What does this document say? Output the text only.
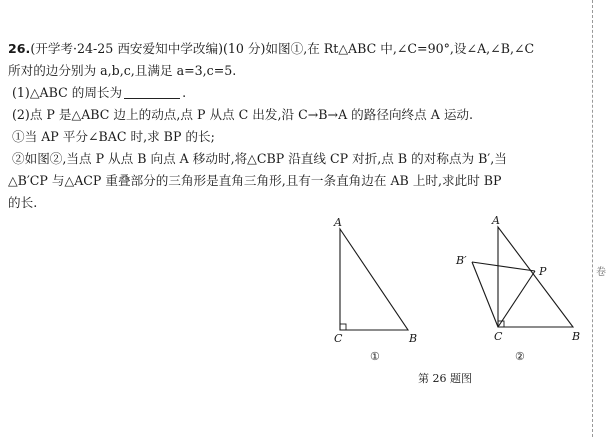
26.(开学考·24-25 西安爱知中学改编)(10 分)如图①,在 Rt△ABC 中,∠C=90°,设∠A,∠B,∠C
所对的边分别为 a,b,c,且满足 a=3,c=5.
(1)△ABC 的周长为	.
(2)点 P 是△ABC 边上的动点,点 P 从点 C 出发,沿 C→B→A 的路径向终点 A 运动.
①当 AP 平分∠BAC 时,求 BP 的长;
②如图②,当点 P 从点 B 向点 A 移动时,将△CBP 沿直线 CP 对折,点 B 的对称点为 B′,当
△B′CP 与△ACP 重叠部分的三角形是直角三角形,且有一条直角边在 AB 上时,求此时 BP
的长.
A
C	B
①
A
B′
P
C	B
②
第 26 题图
卷
